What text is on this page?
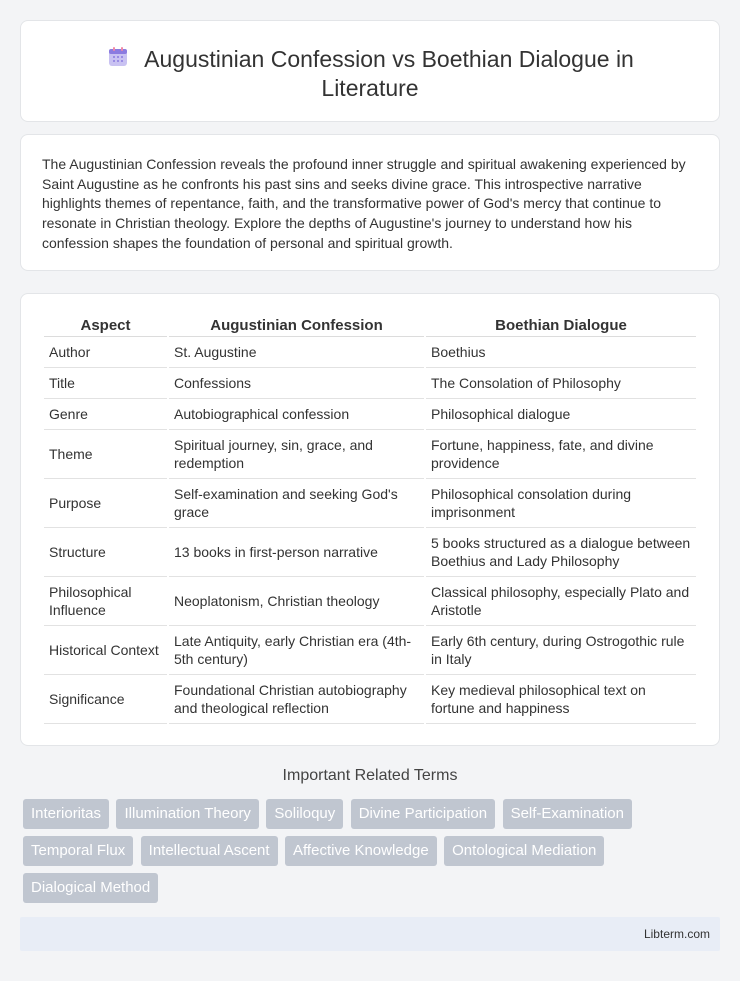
Augustinian Confession vs Boethian Dialogue in Literature

The Augustinian Confession reveals the profound inner struggle and spiritual awakening experienced by Saint Augustine as he confronts his past sins and seeks divine grace. This introspective narrative highlights themes of repentance, faith, and the transformative power of God's mercy that continue to resonate in Christian theology. Explore the depths of Augustine's journey to understand how his confession shapes the foundation of personal and spiritual growth.

Aspect	Augustinian Confession	Boethian Dialogue
Author	St. Augustine	Boethius
Title	Confessions	The Consolation of Philosophy
Genre	Autobiographical confession	Philosophical dialogue
Theme	Spiritual journey, sin, grace, and redemption	Fortune, happiness, fate, and divine providence
Purpose	Self-examination and seeking God's grace	Philosophical consolation during imprisonment
Structure	13 books in first-person narrative	5 books structured as a dialogue between Boethius and Lady Philosophy
Philosophical Influence	Neoplatonism, Christian theology	Classical philosophy, especially Plato and Aristotle
Historical Context	Late Antiquity, early Christian era (4th-5th century)	Early 6th century, during Ostrogothic rule in Italy
Significance	Foundational Christian autobiography and theological reflection	Key medieval philosophical text on fortune and happiness
Important Related Terms
Interioritas Illumination Theory Soliloquy Divine Participation Self-Examination Temporal Flux Intellectual Ascent Affective Knowledge Ontological Mediation Dialogical Method
Libterm.com
